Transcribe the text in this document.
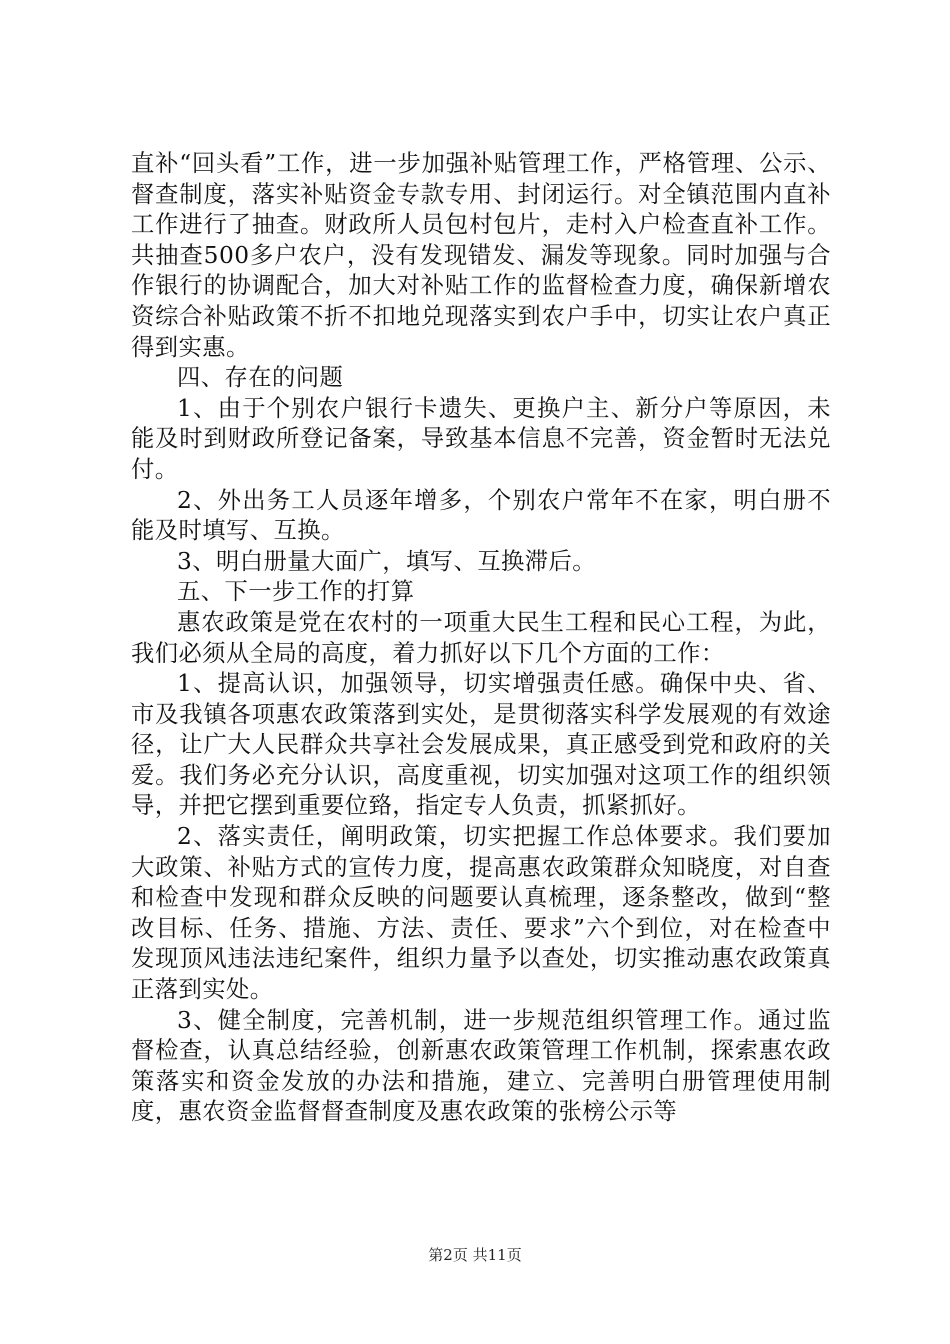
直补“回头看”工作，进一步加强补贴管理工作，严格管理、公示、督查制度，落实补贴资金专款专用、封闭运行。对全镇范围内直补工作进行了抽查。财政所人员包村包片，走村入户检查直补工作。共抽查500多户农户，没有发现错发、漏发等现象。同时加强与合作银行的协调配合，加大对补贴工作的监督检查力度，确保新增农资综合补贴政策不折不扣地兑现落实到农户手中，切实让农户真正得到实惠。

四、存在的问题

1、由于个别农户银行卡遗失、更换户主、新分户等原因，未能及时到财政所登记备案，导致基本信息不完善，资金暂时无法兑付。

2、外出务工人员逐年增多，个别农户常年不在家，明白册不能及时填写、互换。

3、明白册量大面广，填写、互换滞后。

五、下一步工作的打算

惠农政策是党在农村的一项重大民生工程和民心工程，为此，我们必须从全局的高度，着力抓好以下几个方面的工作：

1、提高认识，加强领导，切实增强责任感。确保中央、省、市及我镇各项惠农政策落到实处，是贯彻落实科学发展观的有效途径，让广大人民群众共享社会发展成果，真正感受到党和政府的关爱。我们务必充分认识，高度重视，切实加强对这项工作的组织领导，并把它摆到重要位臵，指定专人负责，抓紧抓好。

2、落实责任，阐明政策，切实把握工作总体要求。我们要加大政策、补贴方式的宣传力度，提高惠农政策群众知晓度，对自查和检查中发现和群众反映的问题要认真梳理，逐条整改，做到“整改目标、任务、措施、方法、责任、要求”六个到位，对在检查中发现顶风违法违纪案件，组织力量予以查处，切实推动惠农政策真正落到实处。

3、健全制度，完善机制，进一步规范组织管理工作。通过监督检查，认真总结经验，创新惠农政策管理工作机制，探索惠农政策落实和资金发放的办法和措施，建立、完善明白册管理使用制度，惠农资金监督督查制度及惠农政策的张榜公示等

第2页 共11页
